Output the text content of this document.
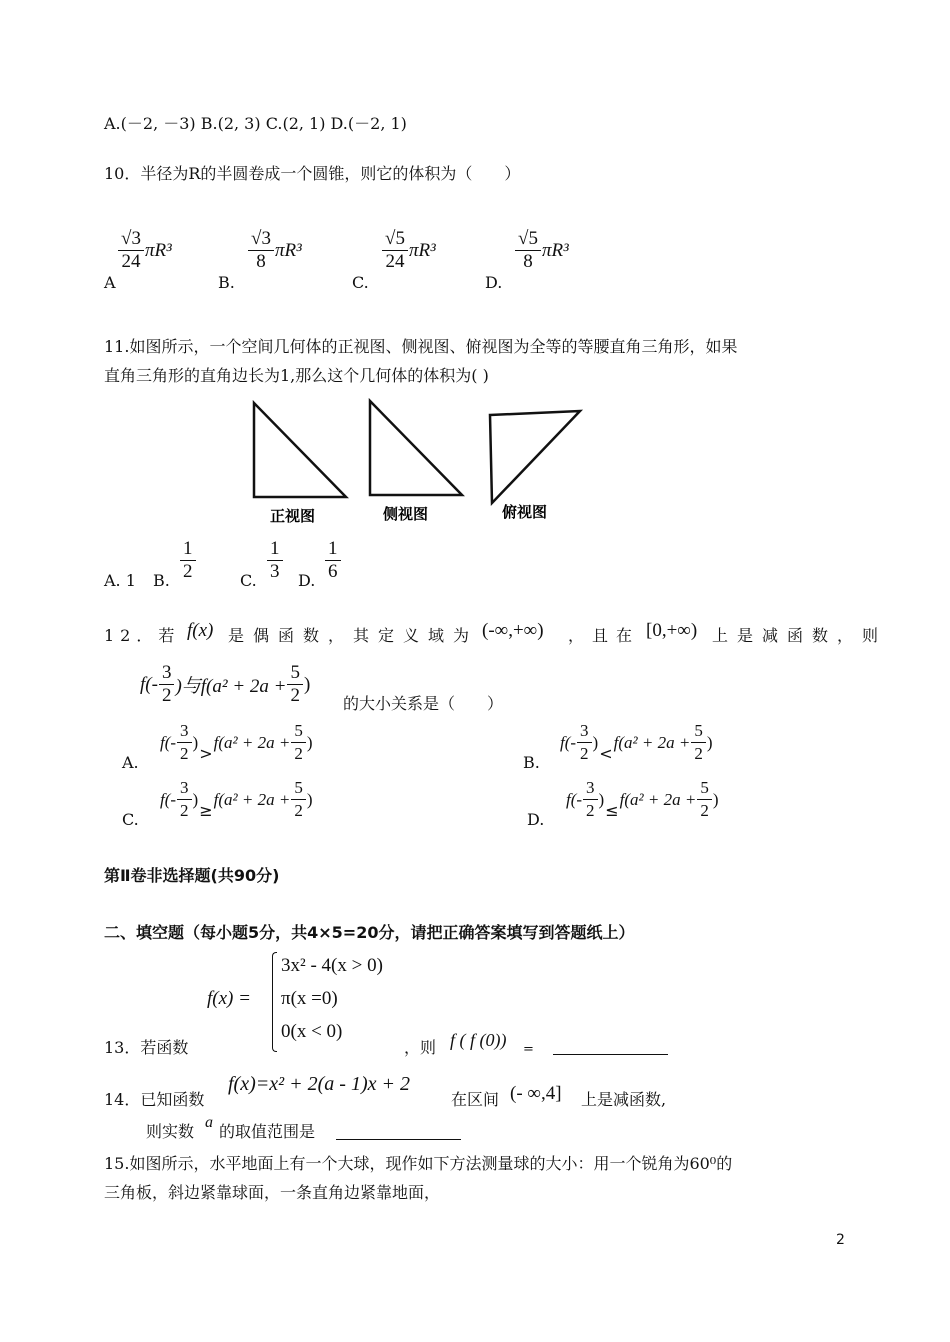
A.(－2, －3) B.(2, 3) C.(2, 1) D.(－2, 1)
10．半径为R的半圆卷成一个圆锥，则它的体积为（　　）
A
$\frac{√3}{24} \pi R^3$
B.
$\frac{√3}{8} \pi R^3$
C.
$\frac{√5}{24} \pi R^3$
D.
$\frac{√5}{8} \pi R^3$
11.如图所示，一个空间几何体的正视图、侧视图、俯视图为全等的等腰直角三角形，如果
直角三角形的直角边长为1,那么这个几何体的体积为( )
正视图	侧视图	俯视图
A. 1 B. $\frac{1}{2}$	C. $\frac{1}{3} D$. $\frac{1}{6}$
12．若 f(x) 是偶函数，其定义域为 (-∞,+∞) ，且在 [0,+∞) 上是减函数，则
$f(- \frac{3}{2}$ )与$f(a^2 + 2a + \frac{5}{2}$ )
的大小关系是（　　）
A.
$f(- \frac{3}{2}$ )
>
$f(a^2 + 2a + \frac{5}{2}$ )
B.
$f(- \frac{3}{2}$ )
<
$f(a^2 + 2a + \frac{5}{2}$ )
C.
$f(- \frac{3}{2}$ )
≥
$f(a^2 + 2a + \frac{5}{2}$ )
D.
$f(- \frac{3}{2}$ )
≤
$f(a^2 + 2a + \frac{5}{2}$ )
第Ⅱ卷非选择题(共90分)
二、填空题（每小题5分，共4×5=20分，请把正确答案填写到答题纸上）
f(x) =
3x² - 4(x > 0)
π(x =0)
0(x < 0)
13．若函数	，则 f ( f (0)) =
14．已知函数
f(x)=x² + 2(a - 1)x + 2
在区间 (- ∞,4] 上是减函数,
则实数 a 的取值范围是
15.如图所示，水平地面上有一个大球，现作如下方法测量球的大小：用一个锐角为60⁰的
三角板，斜边紧靠球面，一条直角边紧靠地面，
2
